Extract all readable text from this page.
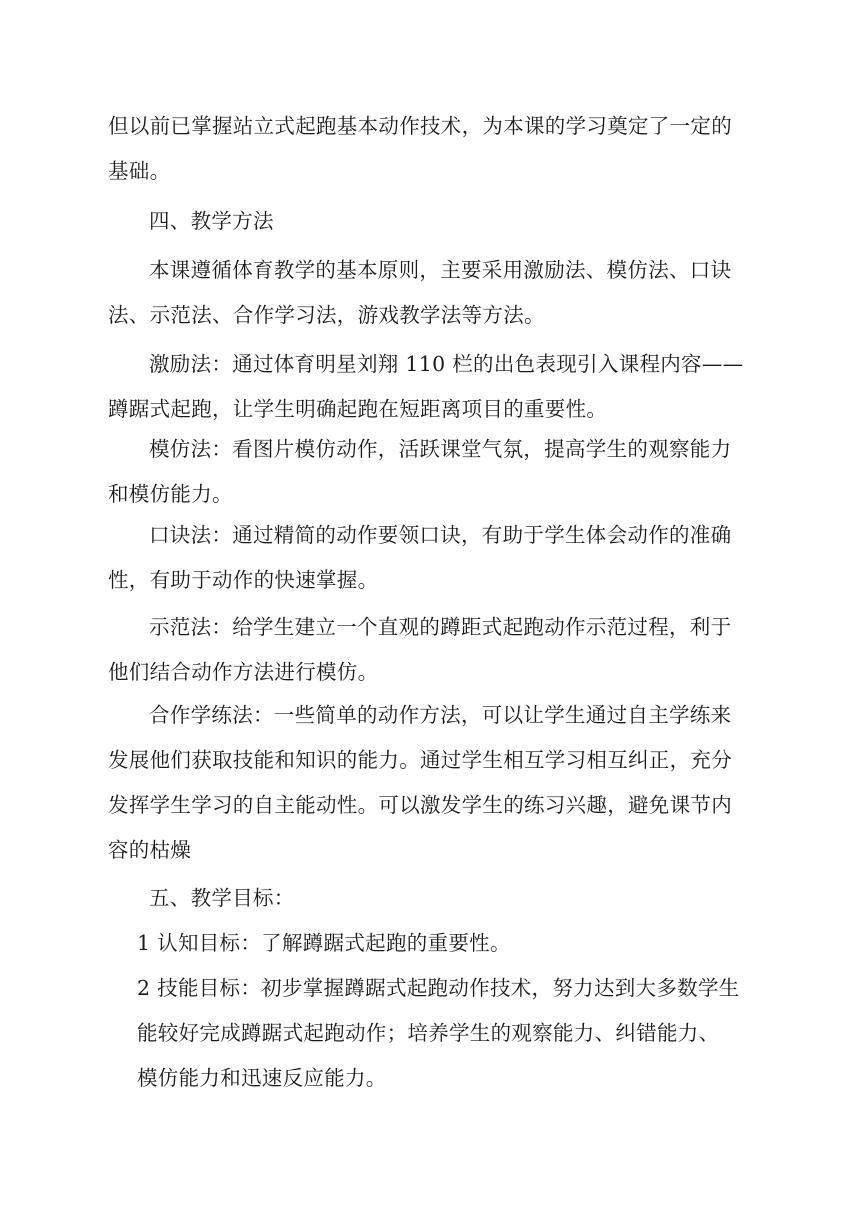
但以前已掌握站立式起跑基本动作技术，为本课的学习奠定了一定的
基础。

四、教学方法

本课遵循体育教学的基本原则，主要采用激励法、模仿法、口诀
法、示范法、合作学习法，游戏教学法等方法。

激励法：通过体育明星刘翔 110 栏的出色表现引入课程内容——
蹲踞式起跑，让学生明确起跑在短距离项目的重要性。

模仿法：看图片模仿动作，活跃课堂气氛，提高学生的观察能力
和模仿能力。

口诀法：通过精简的动作要领口诀，有助于学生体会动作的准确
性，有助于动作的快速掌握。

示范法：给学生建立一个直观的蹲距式起跑动作示范过程，利于
他们结合动作方法进行模仿。

合作学练法：一些简单的动作方法，可以让学生通过自主学练来
发展他们获取技能和知识的能力。通过学生相互学习相互纠正，充分
发挥学生学习的自主能动性。可以激发学生的练习兴趣，避免课节内
容的枯燥

五、教学目标：

1 认知目标：了解蹲踞式起跑的重要性。

2 技能目标：初步掌握蹲踞式起跑动作技术，努力达到大多数学生
能较好完成蹲踞式起跑动作；培养学生的观察能力、纠错能力、
模仿能力和迅速反应能力。
